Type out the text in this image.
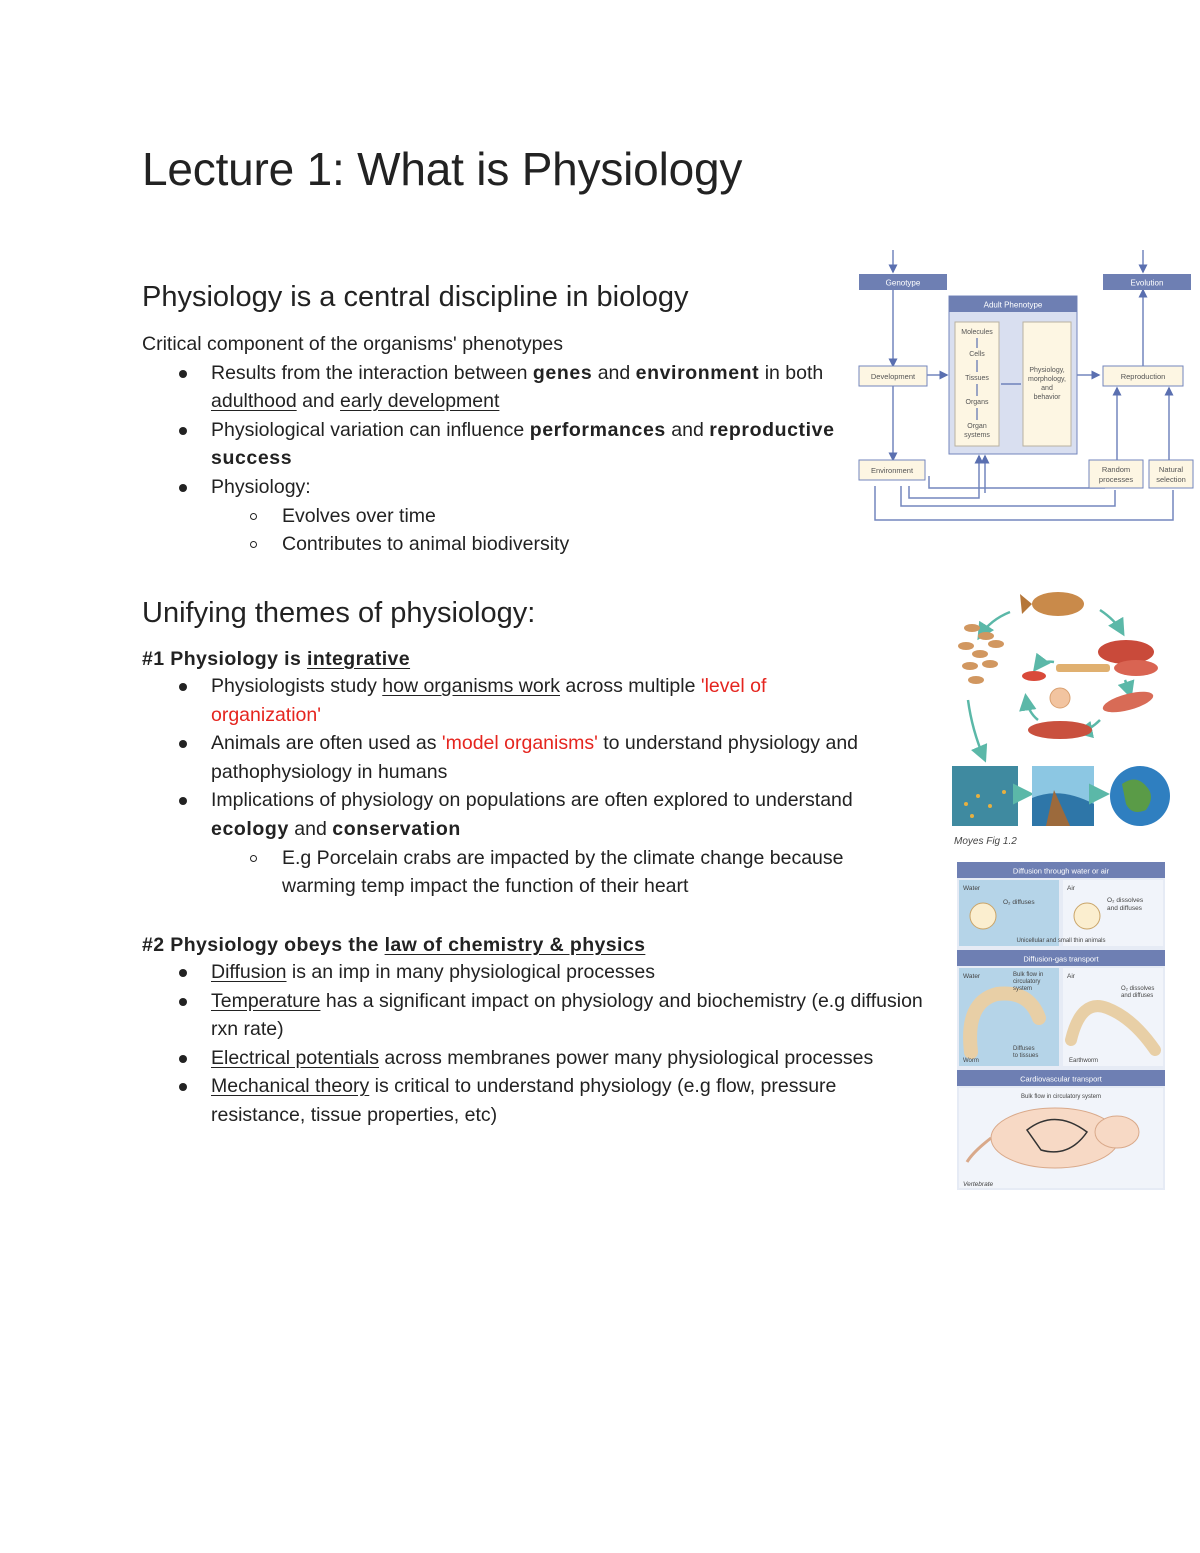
Lecture 1: What is Physiology
Physiology is a central discipline in biology

Critical component of the organisms' phenotypes

Results from the interaction between genes and environment in both adulthood and early development
Physiological variation can influence performances and reproductive success
Physiology:
Evolves over time
Contributes to animal biodiversity
Genotype	Evolution
Adult Phenotype
Molecules
Cells
Tissues
Organs
Organ
systems
Physiology,
morphology,
and
behavior
Development	Reproduction
Environment	Random
processes
Natural
selection
Unifying themes of physiology:

#1 Physiology is integrative

Physiologists study how organisms work across multiple 'level of organization'
Animals are often used as 'model organisms' to understand physiology and pathophysiology in humans
Implications of physiology on populations are often explored to understand ecology and conservation
E.g Porcelain crabs are impacted by the climate change because warming temp impact the function of their heart

#2 Physiology obeys the law of chemistry & physics

Diffusion is an imp in many physiological processes
Temperature has a significant impact on physiology and biochemistry (e.g diffusion rxn rate)
Electrical potentials across membranes power many physiological processes
Mechanical theory is critical to understand physiology (e.g flow, pressure resistance, tissue properties, etc)
Moyes Fig 1.2
Diffusion through water or air
Water	Air
O₂ diffuses	O₂ dissolves
and diffuses
Unicellular and small thin animals
Diffusion-gas transport
Water	Air
Bulk flow in
circulatory
system	O₂ dissolves
and diffuses
Diffuses
to tissues
Worm	Earthworm
Cardiovascular transport
Bulk flow in circulatory system
Vertebrate
